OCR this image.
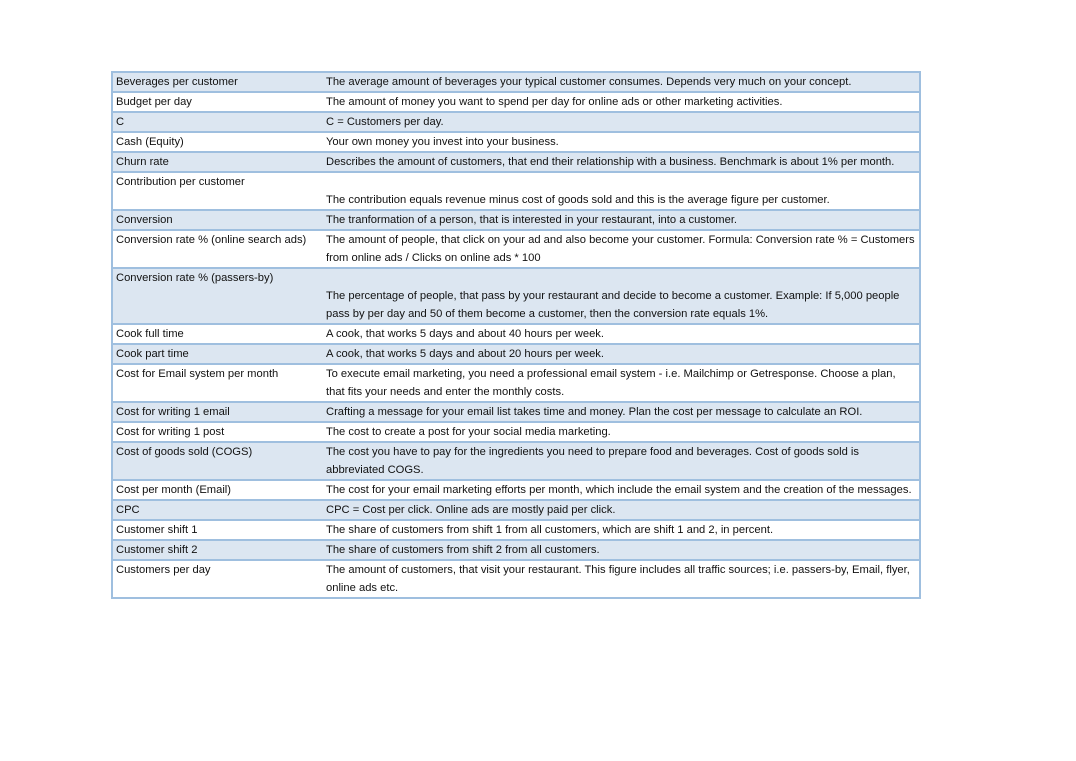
Beverages per customer	The average amount of beverages your typical customer consumes. Depends very much on your concept.
Budget per day	The amount of money you want to spend per day for online ads or other marketing activities.
C	C = Customers per day.
Cash (Equity)	Your own money you invest into your business.
Churn rate	Describes the amount of customers, that end their relationship with a business. Benchmark is about 1% per month.
Contribution per customer	The contribution equals revenue minus cost of goods sold and this is the average figure per customer.
Conversion	The tranformation of a person, that is interested in your restaurant, into a customer.
Conversion rate % (online search ads)	The amount of people, that click on your ad and also become your customer. Formula: Conversion rate % = Customers from online ads / Clicks on online ads * 100
Conversion rate % (passers-by)	The percentage of people, that pass by your restaurant and decide to become a customer. Example: If 5,000 people pass by per day and 50 of them become a customer, then the conversion rate equals 1%.
Cook full time	A cook, that works 5 days and about 40 hours per week.
Cook part time	A cook, that works 5 days and about 20 hours per week.
Cost for Email system per month	To execute email marketing, you need a professional email system - i.e. Mailchimp or Getresponse. Choose a plan, that fits your needs and enter the monthly costs.
Cost for writing 1 email	Crafting a message for your email list takes time and money. Plan the cost per message to calculate an ROI.
Cost for writing 1 post	The cost to create a post for your social media marketing.
Cost of goods sold (COGS)	The cost you have to pay for the ingredients you need to prepare food and beverages. Cost of goods sold is abbreviated COGS.
Cost per month (Email)	The cost for your email marketing efforts per month, which include the email system and the creation of the messages.
CPC	CPC = Cost per click. Online ads are mostly paid per click.
Customer shift 1	The share of customers from shift 1 from all customers, which are shift 1 and 2, in percent.
Customer shift 2	The share of customers from shift 2 from all customers.
Customers per day	The amount of customers, that visit your restaurant. This figure includes all traffic sources; i.e. passers-by, Email, flyer, online ads etc.
